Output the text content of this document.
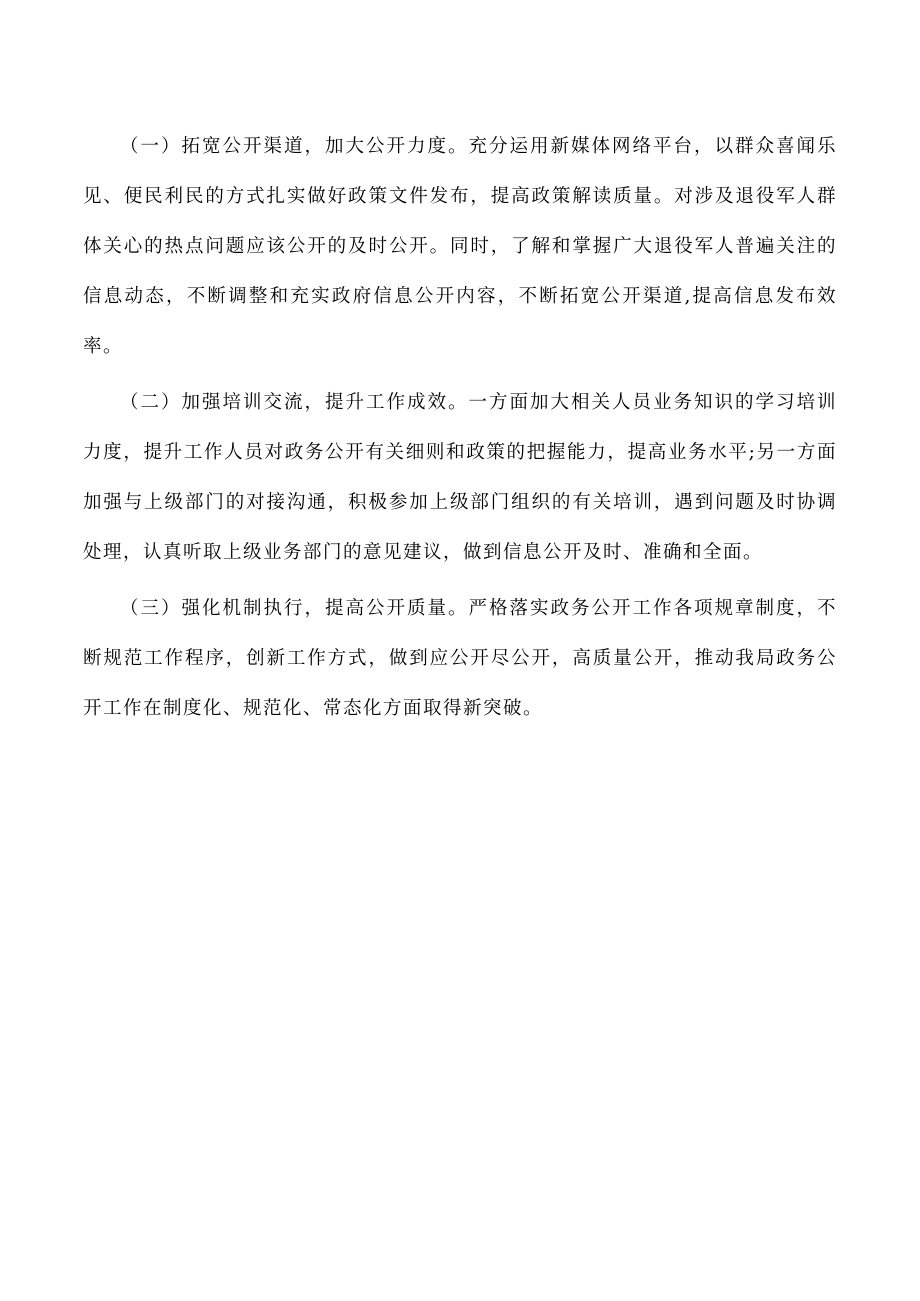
（一）拓宽公开渠道，加大公开力度。充分运用新媒体网络平台，以群众喜闻乐见、便民利民的方式扎实做好政策文件发布，提高政策解读质量。对涉及退役军人群体关心的热点问题应该公开的及时公开。同时，了解和掌握广大退役军人普遍关注的信息动态，不断调整和充实政府信息公开内容，不断拓宽公开渠道,提高信息发布效率。

（二）加强培训交流，提升工作成效。一方面加大相关人员业务知识的学习培训力度，提升工作人员对政务公开有关细则和政策的把握能力，提高业务水平;另一方面加强与上级部门的对接沟通，积极参加上级部门组织的有关培训，遇到问题及时协调处理，认真听取上级业务部门的意见建议，做到信息公开及时、准确和全面。

（三）强化机制执行，提高公开质量。严格落实政务公开工作各项规章制度，不断规范工作程序，创新工作方式，做到应公开尽公开，高质量公开，推动我局政务公开工作在制度化、规范化、常态化方面取得新突破。
